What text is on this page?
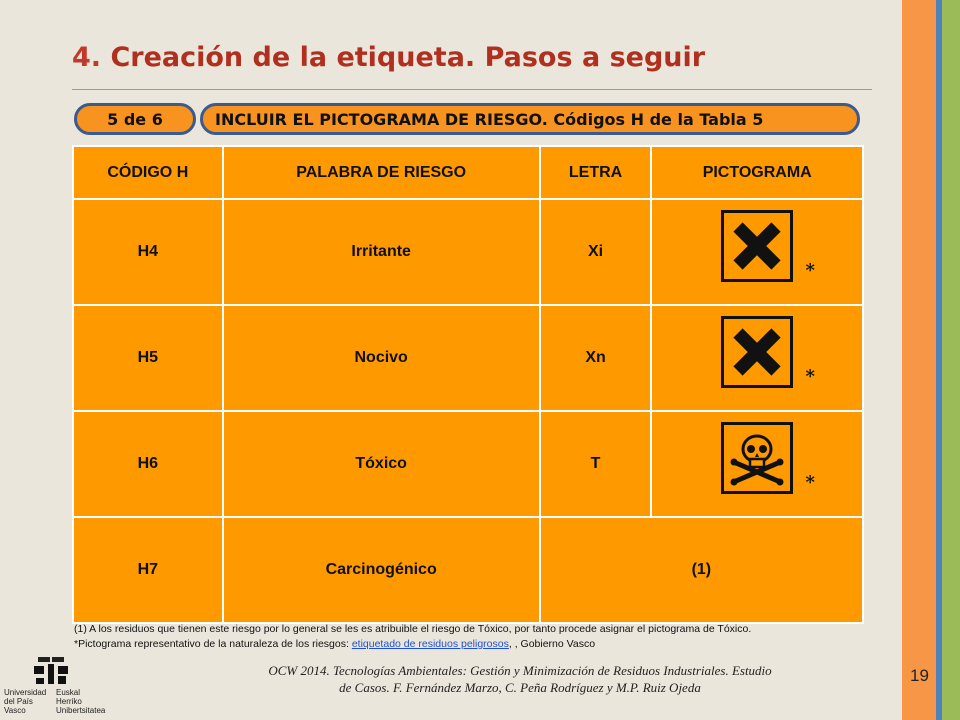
4. Creación de la etiqueta. Pasos a seguir
5 de 6	INCLUIR EL PICTOGRAMA DE RIESGO. Códigos H de la Tabla 5
CÓDIGO H	PALABRA DE RIESGO	LETRA	PICTOGRAMA
H4	Irritante	Xi	*

H5	Nocivo	Xn	*

H6	Tóxico	T	*

H7	Carcinogénico	(1)	
(1) A los residuos que tienen este riesgo por lo general se les es atribuible el riesgo de Tóxico, por tanto procede asignar el pictograma de Tóxico.
*Pictograma representativo de la naturaleza de los riesgos: etiquetado de residuos peligrosos, , Gobierno Vasco
Universidad del País Vasco
Euskal Herriko Unibertsitatea
OCW 2014. Tecnologías Ambientales: Gestión y Minimización de Residuos Industriales. Estudio
de Casos. F. Fernández Marzo, C. Peña Rodríguez y M.P. Ruiz Ojeda
19
